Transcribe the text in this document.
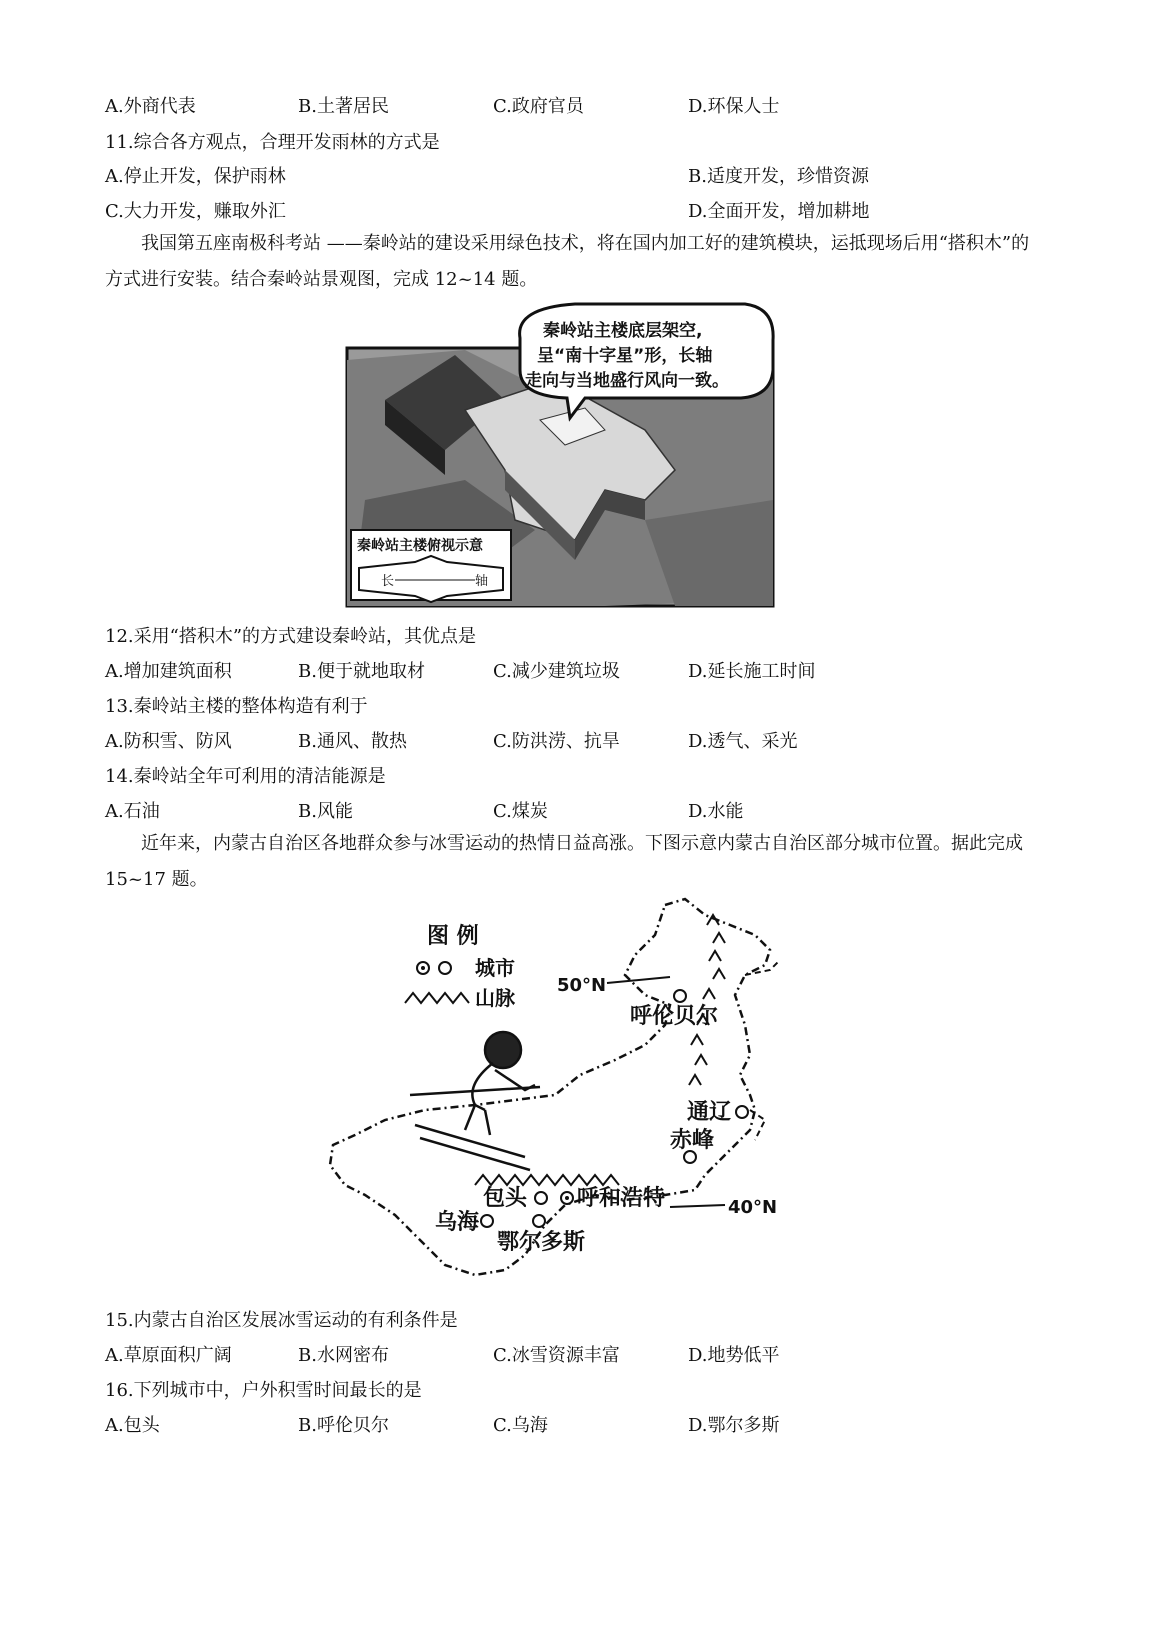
A.外商代表	B.土著居民	C.政府官员	D.环保人士
11.综合各方观点，合理开发雨林的方式是
A.停止开发，保护雨林	B.适度开发，珍惜资源
C.大力开发，赚取外汇	D.全面开发，增加耕地
我国第五座南极科考站 ——秦岭站的建设采用绿色技术，将在国内加工好的建筑模块，运抵现场后用“搭积木”的方式进行安装。结合秦岭站景观图，完成 12~14 题。
秦岭站主楼底层架空,
呈“南十字星”形，长轴
走向与当地盛行风向一致。
秦岭站主楼俯视示意
长	轴
12.采用“搭积木”的方式建设秦岭站，其优点是
A.增加建筑面积	B.便于就地取材	C.减少建筑垃圾	D.延长施工时间
13.秦岭站主楼的整体构造有利于
A.防积雪、防风	B.通风、散热	C.防洪涝、抗旱	D.透气、采光
14.秦岭站全年可利用的清洁能源是
A.石油	B.风能	C.煤炭	D.水能
近年来，内蒙古自治区各地群众参与冰雪运动的热情日益高涨。下图示意内蒙古自治区部分城市位置。据此完成 15~17 题。
图 例
城市
山脉
50°N
40°N
呼伦贝尔
通辽
赤峰
包头 呼和浩特
乌海
鄂尔多斯
15.内蒙古自治区发展冰雪运动的有利条件是
A.草原面积广阔	B.水网密布	C.冰雪资源丰富	D.地势低平
16.下列城市中，户外积雪时间最长的是
A.包头	B.呼伦贝尔	C.乌海	D.鄂尔多斯
